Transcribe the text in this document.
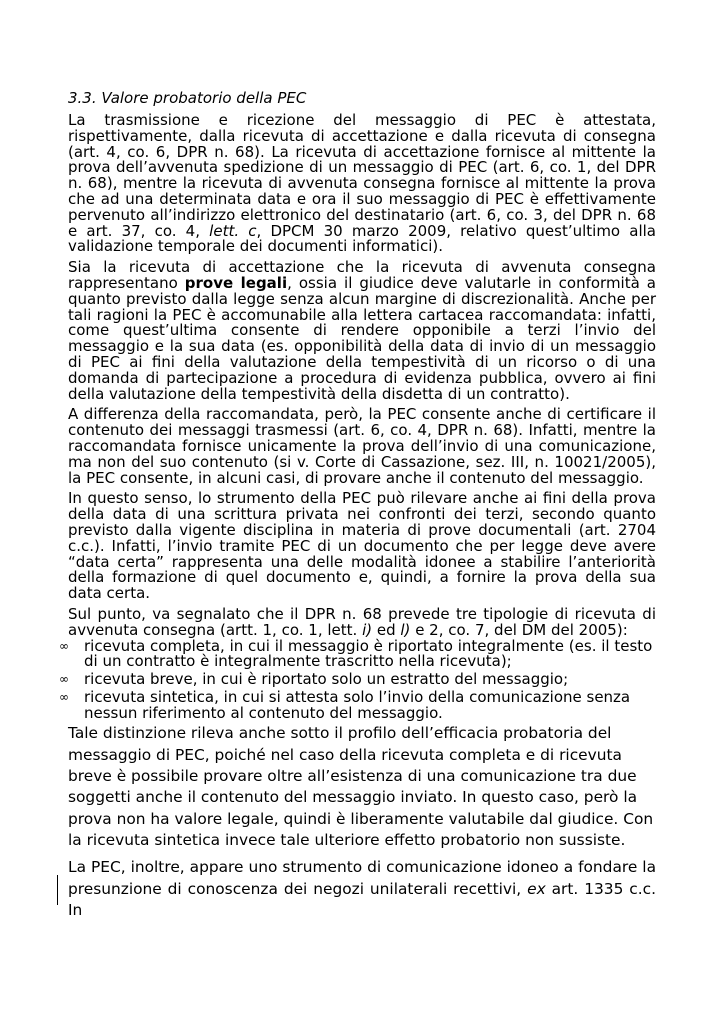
3.3. Valore probatorio della PEC

La trasmissione e ricezione del messaggio di PEC è attestata, rispettivamente, dalla ricevuta di accettazione e dalla ricevuta di consegna (art. 4, co. 6, DPR n. 68). La ricevuta di accettazione fornisce al mittente la prova dell’avvenuta spedizione di un messaggio di PEC (art. 6, co. 1, del DPR n. 68), mentre la ricevuta di avvenuta consegna fornisce al mittente la prova che ad una determinata data e ora il suo messaggio di PEC è effettivamente pervenuto all’indirizzo elettronico del destinatario (art. 6, co. 3, del DPR n. 68 e art. 37, co. 4, lett. c, DPCM 30 marzo 2009, relativo quest’ultimo alla validazione temporale dei documenti informatici).

Sia la ricevuta di accettazione che la ricevuta di avvenuta consegna rappresentano prove legali, ossia il giudice deve valutarle in conformità a quanto previsto dalla legge senza alcun margine di discrezionalità. Anche per tali ragioni la PEC è accomunabile alla lettera cartacea raccomandata: infatti, come quest’ultima consente di rendere opponibile a terzi l’invio del messaggio e la sua data (es. opponibilità della data di invio di un messaggio di PEC ai fini della valutazione della tempestività di un ricorso o di una domanda di partecipazione a procedura di evidenza pubblica, ovvero ai fini della valutazione della tempestività della disdetta di un contratto).

A differenza della raccomandata, però, la PEC consente anche di certificare il contenuto dei messaggi trasmessi (art. 6, co. 4, DPR n. 68). Infatti, mentre la raccomandata fornisce unicamente la prova dell’invio di una comunicazione, ma non del suo contenuto (si v. Corte di Cassazione, sez. III, n. 10021/2005), la PEC consente, in alcuni casi, di provare anche il contenuto del messaggio.

In questo senso, lo strumento della PEC può rilevare anche ai fini della prova della data di una scrittura privata nei confronti dei terzi, secondo quanto previsto dalla vigente disciplina in materia di prove documentali (art. 2704 c.c.). Infatti, l’invio tramite PEC di un documento che per legge deve avere “data certa” rappresenta una delle modalità idonee a stabilire l’anteriorità della formazione di quel documento e, quindi, a fornire la prova della sua data certa.

Sul punto, va segnalato che il DPR n. 68 prevede tre tipologie di ricevuta di avvenuta consegna (artt. 1, co. 1, lett. i) ed l) e 2, co. 7, del DM del 2005):

∞ ricevuta completa, in cui il messaggio è riportato integralmente (es. il testo di un contratto è integralmente trascritto nella ricevuta);
∞ ricevuta breve, in cui è riportato solo un estratto del messaggio;
∞ ricevuta sintetica, in cui si attesta solo l’invio della comunicazione senza nessun riferimento al contenuto del messaggio.

Tale distinzione rileva anche sotto il profilo dell’efficacia probatoria del messaggio di PEC, poiché nel caso della ricevuta completa e di ricevuta breve è possibile provare oltre all’esistenza di una comunicazione tra due soggetti anche il contenuto del messaggio inviato. In questo caso, però la prova non ha valore legale, quindi è liberamente valutabile dal giudice. Con la ricevuta sintetica invece tale ulteriore effetto probatorio non sussiste.

La PEC, inoltre, appare uno strumento di comunicazione idoneo a fondare la presunzione di conoscenza dei negozi unilaterali recettivi, ex art. 1335 c.c. In
